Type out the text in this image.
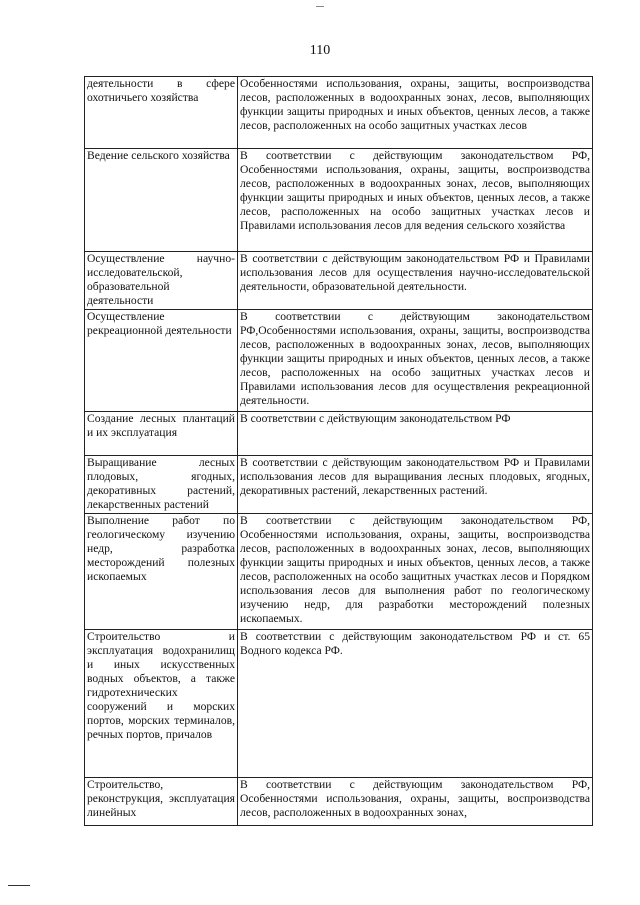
110
деятельности в сфере охотничьего хозяйства	Особенностями использования, охраны, защиты, воспроизводства лесов, расположенных в водоохранных зонах, лесов, выполняющих функции защиты природных и иных объектов, ценных лесов, а также лесов, расположенных на особо защитных участках лесов
Ведение сельского хозяйства	В соответствии с действующим законодательством РФ, Особенностями использования, охраны, защиты, воспроизводства лесов, расположенных в водоохранных зонах, лесов, выполняющих функции защиты природных и иных объектов, ценных лесов, а также лесов, расположенных на особо защитных участках лесов и Правилами использования лесов для ведения сельского хозяйства
Осуществление научно-исследовательской, образовательной деятельности	В соответствии с действующим законодательством РФ и Правилами использования лесов для осуществления научно-исследовательской деятельности, образовательной деятельности.
Осуществление рекреационной деятельности	В соответствии с действующим законодательством РФ,Особенностями использования, охраны, защиты, воспроизводства лесов, расположенных в водоохранных зонах, лесов, выполняющих функции защиты природных и иных объектов, ценных лесов, а также лесов, расположенных на особо защитных участках лесов и Правилами использования лесов для осуществления рекреационной деятельности.
Создание лесных плантаций и их эксплуатация	В соответствии с действующим законодательством РФ
Выращивание лесных плодовых, ягодных, декоративных растений, лекарственных растений	В соответствии с действующим законодательством РФ и Правилами использования лесов для выращивания лесных плодовых, ягодных, декоративных растений, лекарственных растений.
Выполнение работ по геологическому изучению недр, разработка месторождений полезных ископаемых	В соответствии с действующим законодательством РФ, Особенностями использования, охраны, защиты, воспроизводства лесов, расположенных в водоохранных зонах, лесов, выполняющих функции защиты природных и иных объектов, ценных лесов, а также лесов, расположенных на особо защитных участках лесов и Порядком использования лесов для выполнения работ по геологическому изучению недр, для разработки месторождений полезных ископаемых.
Строительство и эксплуатация водохранилищ и иных искусственных водных объектов, а также гидротехнических сооружений и морских портов, морских терминалов, речных портов, причалов	В соответствии с действующим законодательством РФ и ст. 65 Водного кодекса РФ.
Строительство, реконструкция, эксплуатация линейных	В соответствии с действующим законодательством РФ, Особенностями использования, охраны, защиты, воспроизводства лесов, расположенных в водоохранных зонах,
